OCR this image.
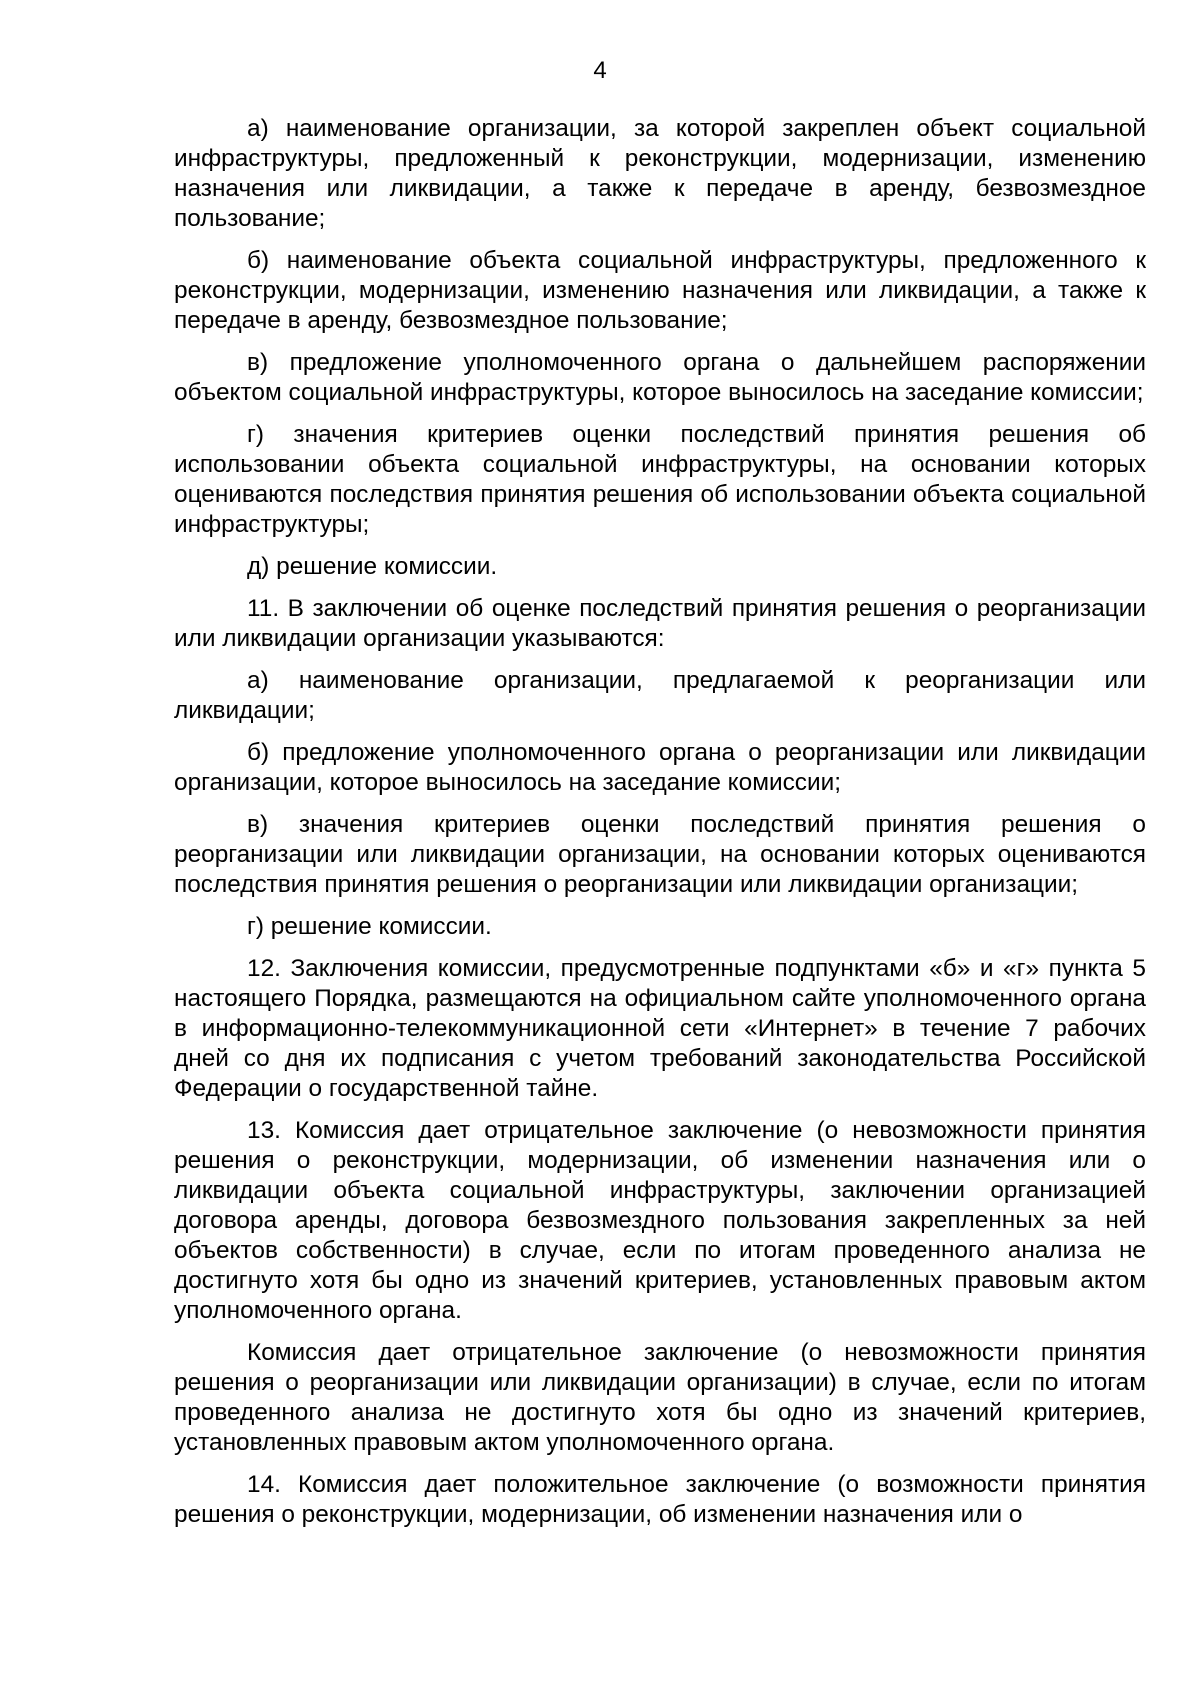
4

а) наименование организации, за которой закреплен объект социальной инфраструктуры, предложенный к реконструкции, модернизации, изменению назначения или ликвидации, а также к передаче в аренду, безвозмездное пользование;

б) наименование объекта социальной инфраструктуры, предложенного к реконструкции, модернизации, изменению назначения или ликвидации, а также к передаче в аренду, безвозмездное пользование;

в) предложение уполномоченного органа о дальнейшем распоряжении объектом социальной инфраструктуры, которое выносилось на заседание комиссии;

г) значения критериев оценки последствий принятия решения об использовании объекта социальной инфраструктуры, на основании которых оцениваются последствия принятия решения об использовании объекта социальной инфраструктуры;

д) решение комиссии.

11. В заключении об оценке последствий принятия решения о реорганизации или ликвидации организации указываются:

а) наименование организации, предлагаемой к реорганизации или ликвидации;

б) предложение уполномоченного органа о реорганизации или ликвидации организации, которое выносилось на заседание комиссии;

в) значения критериев оценки последствий принятия решения о реорганизации или ликвидации организации, на основании которых оцениваются последствия принятия решения о реорганизации или ликвидации организации;

г) решение комиссии.

12. Заключения комиссии, предусмотренные подпунктами «б» и «г» пункта 5 настоящего Порядка, размещаются на официальном сайте уполномоченного органа в информационно-телекоммуникационной сети «Интернет» в течение 7 рабочих дней со дня их подписания с учетом требований законодательства Российской Федерации о государственной тайне.

13. Комиссия дает отрицательное заключение (о невозможности принятия решения о реконструкции, модернизации, об изменении назначения или о ликвидации объекта социальной инфраструктуры, заключении организацией договора аренды, договора безвозмездного пользования закрепленных за ней объектов собственности) в случае, если по итогам проведенного анализа не достигнуто хотя бы одно из значений критериев, установленных правовым актом уполномоченного органа.

Комиссия дает отрицательное заключение (о невозможности принятия решения о реорганизации или ликвидации организации) в случае, если по итогам проведенного анализа не достигнуто хотя бы одно из значений критериев, установленных правовым актом уполномоченного органа.

14. Комиссия дает положительное заключение (о возможности принятия решения о реконструкции, модернизации, об изменении назначения или о
